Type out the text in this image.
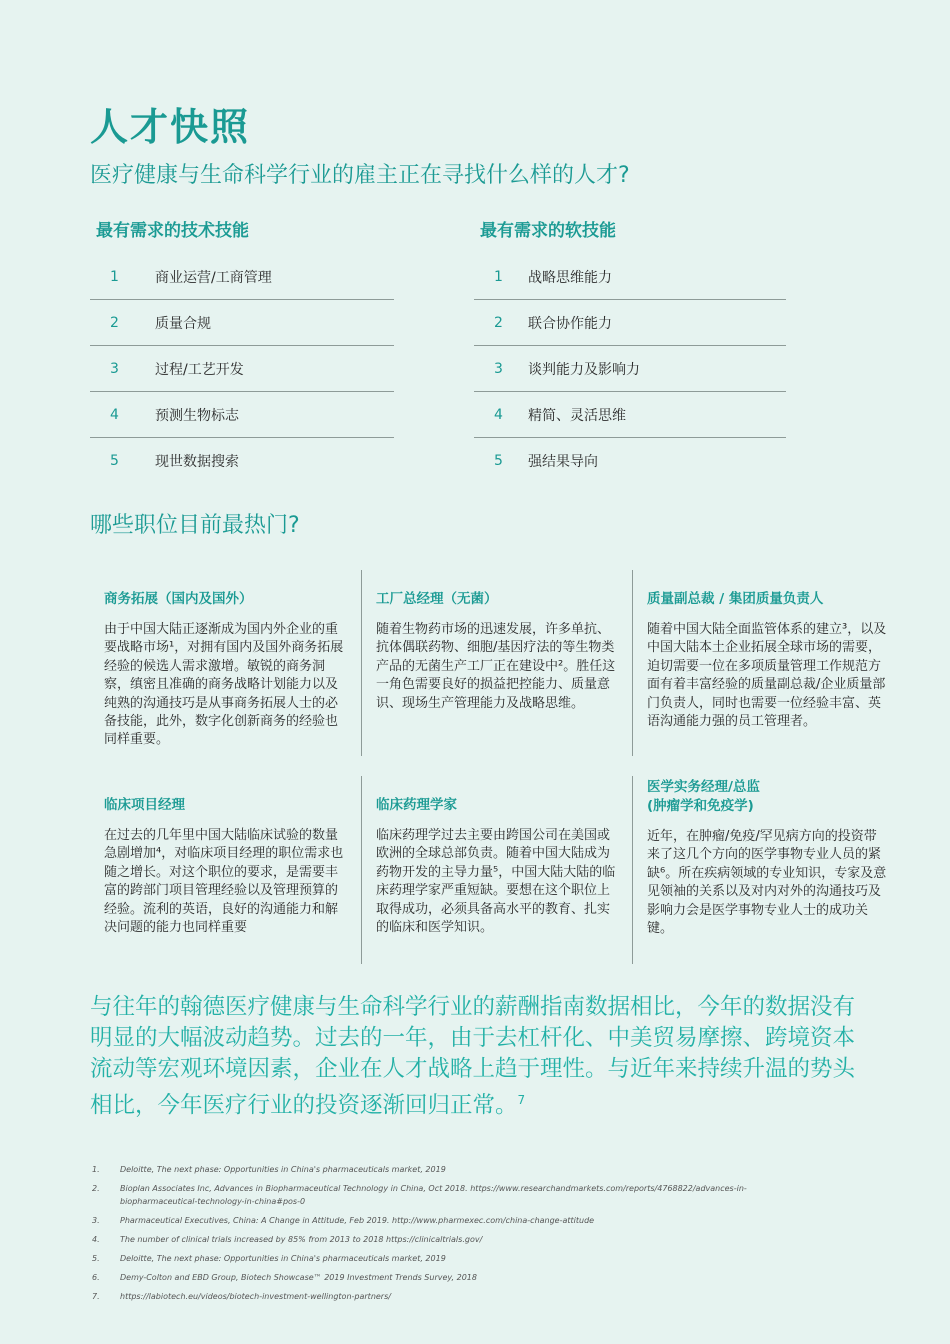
人才快照
医疗健康与生命科学行业的雇主正在寻找什么样的人才?
最有需求的技术技能
1	商业运营/工商管理
2	质量合规
3	过程/工艺开发
4	预测生物标志
5	现世数据搜索
最有需求的软技能
1	战略思维能力
2	联合协作能力
3	谈判能力及影响力
4	精简、灵活思维
5	强结果导向
哪些职位目前最热门?
商务拓展（国内及国外）
由于中国大陆正逐渐成为国内外企业的重要战略市场¹，对拥有国内及国外商务拓展经验的候选人需求激增。敏锐的商务洞察，缜密且准确的商务战略计划能力以及纯熟的沟通技巧是从事商务拓展人士的必备技能，此外，数字化创新商务的经验也同样重要。
工厂总经理（无菌）
随着生物药市场的迅速发展，许多单抗、抗体偶联药物、细胞/基因疗法的等生物类产品的无菌生产工厂正在建设中²。胜任这一角色需要良好的损益把控能力、质量意识、现场生产管理能力及战略思维。
质量副总裁 / 集团质量负责人
随着中国大陆全面监管体系的建立³，以及中国大陆本土企业拓展全球市场的需要，迫切需要一位在多项质量管理工作规范方面有着丰富经验的质量副总裁/企业质量部门负责人，同时也需要一位经验丰富、英语沟通能力强的员工管理者。
临床项目经理
在过去的几年里中国大陆临床试验的数量急剧增加⁴，对临床项目经理的职位需求也随之增长。对这个职位的要求，是需要丰富的跨部门项目管理经验以及管理预算的经验。流利的英语，良好的沟通能力和解决问题的能力也同样重要
临床药理学家
临床药理学过去主要由跨国公司在美国或欧洲的全球总部负责。随着中国大陆成为药物开发的主导力量⁵，中国大陆大陆的临床药理学家严重短缺。要想在这个职位上取得成功，必须具备高水平的教育、扎实的临床和医学知识。
医学实务经理/总监
(肿瘤学和免疫学)
近年，在肿瘤/免疫/罕见病方向的投资带来了这几个方向的医学事物专业人员的紧缺⁶。所在疾病领域的专业知识，专家及意见领袖的关系以及对内对外的沟通技巧及影响力会是医学事物专业人士的成功关键。
与往年的翰德医疗健康与生命科学行业的薪酬指南数据相比，今年的数据没有明显的大幅波动趋势。过去的一年，由于去杠杆化、中美贸易摩擦、跨境资本流动等宏观环境因素，企业在人才战略上趋于理性。与近年来持续升温的势头相比，今年医疗行业的投资逐渐回归正常。$^7$
1.	Deloitte, The next phase: Opportunities in China's pharmaceuticals market, 2019
2.	Bioplan Associates Inc, Advances in Biopharmaceutical Technology in China, Oct 2018. https://www.researchandmarkets.com/reports/4768822/advances-in-biopharmaceutical-technology-in-china#pos-0
3.	Pharmaceutical Executives, China: A Change in Attitude, Feb 2019. http://www.pharmexec.com/china-change-attitude
4.	The number of clinical trials increased by 85% from 2013 to 2018 https://clinicaltrials.gov/
5.	Deloitte, The next phase: Opportunities in China's pharmaceuticals market, 2019
6.	Demy-Colton and EBD Group, Biotech Showcase™ 2019 Investment Trends Survey, 2018
7.	https://labiotech.eu/videos/biotech-investment-wellington-partners/
